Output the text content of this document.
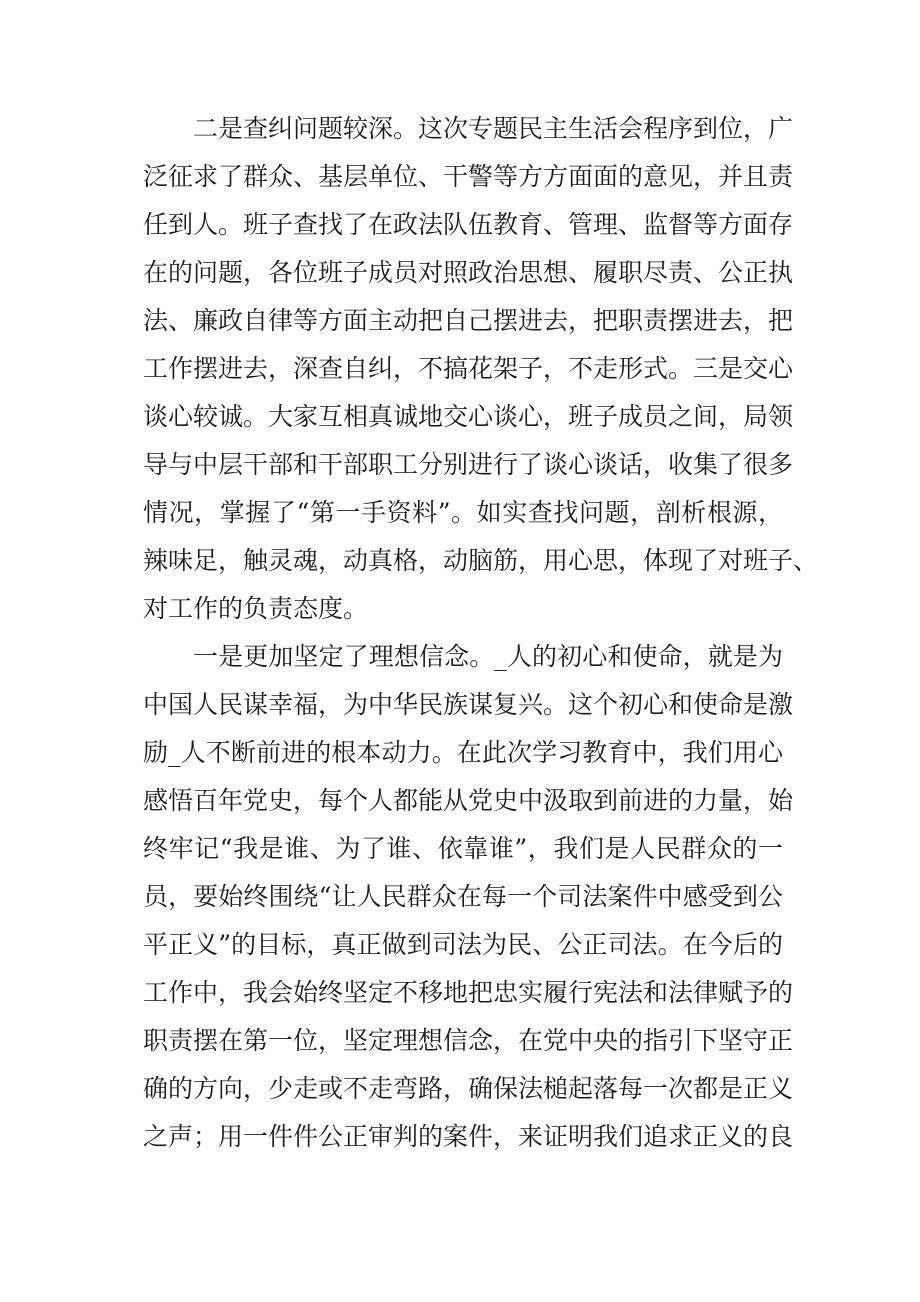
二是查纠问题较深。这次专题民主生活会程序到位，广
泛征求了群众、基层单位、干警等方方面面的意见，并且责
任到人。班子查找了在政法队伍教育、管理、监督等方面存
在的问题，各位班子成员对照政治思想、履职尽责、公正执
法、廉政自律等方面主动把自己摆进去，把职责摆进去，把
工作摆进去，深查自纠，不搞花架子，不走形式。三是交心
谈心较诚。大家互相真诚地交心谈心，班子成员之间，局领
导与中层干部和干部职工分别进行了谈心谈话，收集了很多
情况，掌握了“第一手资料”。如实查找问题，剖析根源，
辣味足，触灵魂，动真格，动脑筋，用心思，体现了对班子、
对工作的负责态度。
一是更加坚定了理想信念。_人的初心和使命，就是为
中国人民谋幸福，为中华民族谋复兴。这个初心和使命是激
励_人不断前进的根本动力。在此次学习教育中，我们用心
感悟百年党史，每个人都能从党史中汲取到前进的力量，始
终牢记“我是谁、为了谁、依靠谁”，我们是人民群众的一
员，要始终围绕“让人民群众在每一个司法案件中感受到公
平正义”的目标，真正做到司法为民、公正司法。在今后的
工作中，我会始终坚定不移地把忠实履行宪法和法律赋予的
职责摆在第一位，坚定理想信念，在党中央的指引下坚守正
确的方向，少走或不走弯路，确保法槌起落每一次都是正义
之声；用一件件公正审判的案件，来证明我们追求正义的良
